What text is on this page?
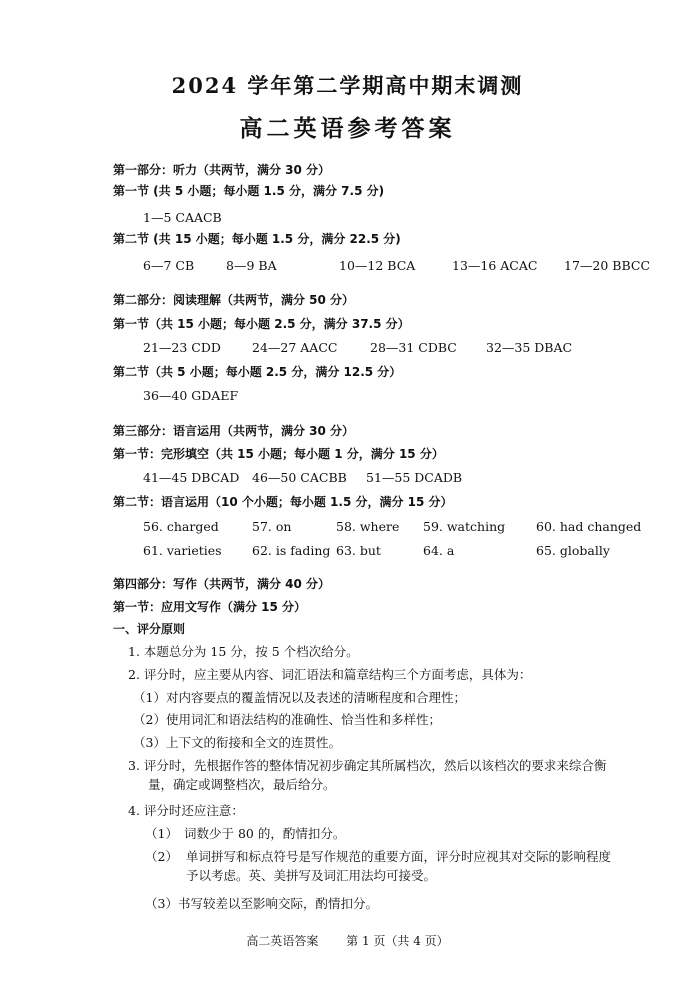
2024 学年第二学期高中期末调测
高二英语参考答案
第一部分：听力（共两节，满分 30 分）
第一节 (共 5 小题；每小题 1.5 分，满分 7.5 分)
1—5 CAACB
第二节 (共 15 小题；每小题 1.5 分，满分 22.5 分)
6—7 CB	8—9 BA	10—12 BCA	13—16 ACAC 17—20 BBCC
第二部分：阅读理解（共两节，满分 50 分）
第一节（共 15 小题；每小题 2.5 分，满分 37.5 分）
21—23 CDD 24—27 AACC	28—31 CDBC 32—35 DBAC
第二节（共 5 小题；每小题 2.5 分，满分 12.5 分）
36—40 GDAEF
第三部分：语言运用（共两节，满分 30 分）
第一节：完形填空（共 15 小题；每小题 1 分，满分 15 分）
41—45 DBCAD 46—50 CACBB 51—55 DCADB
第二节：语言运用（10 个小题；每小题 1.5 分，满分 15 分）
56. charged	57. on	58. where 59. watching 60. had changed
61. varieties 62. is fading 63. but	64. a	65. globally
第四部分：写作（共两节，满分 40 分）
第一节：应用文写作（满分 15 分）
一、评分原则
1. 本题总分为 15 分，按 5 个档次给分。
2. 评分时，应主要从内容、词汇语法和篇章结构三个方面考虑，具体为：
（1）对内容要点的覆盖情况以及表述的清晰程度和合理性；
（2）使用词汇和语法结构的准确性、恰当性和多样性；
（3）上下文的衔接和全文的连贯性。
3. 评分时，先根据作答的整体情况初步确定其所属档次，然后以该档次的要求来综合衡
量，确定或调整档次，最后给分。
4. 评分时还应注意：
（1） 词数少于 80 的，酌情扣分。
（2） 单词拼写和标点符号是写作规范的重要方面，评分时应视其对交际的影响程度
予以考虑。英、美拼写及词汇用法均可接受。
（3）书写较差以至影响交际，酌情扣分。
高二英语答案 第 1 页（共 4 页）
